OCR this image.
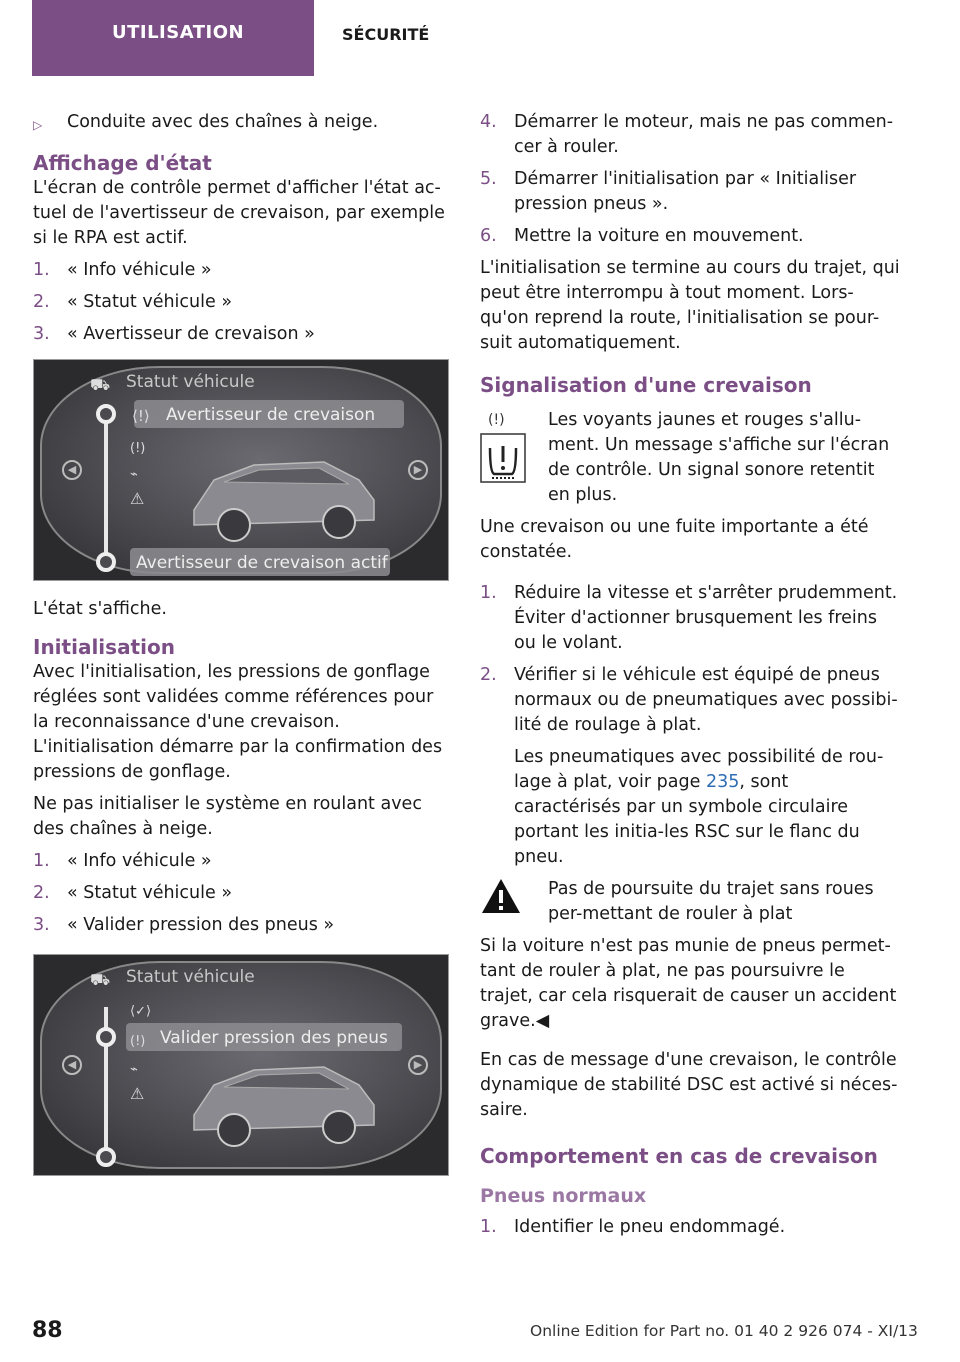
UTILISATION	SÉCURITÉ
▷	Conduite avec des chaînes à neige.
Affichage d'état

L'écran de contrôle permet d'afficher l'état ac-tuel de l'avertisseur de crevaison, par exemple si le RPA est actif.

1. « Info véhicule »
2. « Statut véhicule »
3. « Avertisseur de crevaison »
⛟ Statut véhicule
⟨!⟩ Avertisseur de crevaison
(!)
⌁
⚠
◀	▶
Avertisseur de crevaison actif

L'état s'affiche.

Initialisation

Avec l'initialisation, les pressions de gonflage réglées sont validées comme références pour la reconnaissance d'une crevaison. L'initialisation démarre par la confirmation des pressions de gonflage.

Ne pas initialiser le système en roulant avec des chaînes à neige.

1. « Info véhicule »
2. « Statut véhicule »
3. « Valider pression des pneus »
⛟ Statut véhicule
⟨✓⟩
(!) Valider pression des pneus
⌁
⚠
◀	▶
4. Démarrer le moteur, mais ne pas commen-cer à rouler.
5. Démarrer l'initialisation par « Initialiser pression pneus ».
6. Mettre la voiture en mouvement.

L'initialisation se termine au cours du trajet, qui peut être interrompu à tout moment. Lors-qu'on reprend la route, l'initialisation se pour-suit automatiquement.

Signalisation d'une crevaison
(!) Les voyants jaunes et rouges s'allu-ment. Un message s'affiche sur l'écran de contrôle. Un signal sonore retentit en plus.

Une crevaison ou une fuite importante a été constatée.

1. Réduire la vitesse et s'arrêter prudemment. Éviter d'actionner brusquement les freins ou le volant.
2. Vérifier si le véhicule est équipé de pneus normaux ou de pneumatiques avec possibi-lité de roulage à plat.

Les pneumatiques avec possibilité de rou-lage à plat, voir page 235, sont caractérisés par un symbole circulaire portant les initia-les RSC sur le flanc du pneu.

Pas de poursuite du trajet sans roues per-mettant de rouler à plat

Si la voiture n'est pas munie de pneus permet-tant de rouler à plat, ne pas poursuivre le trajet, car cela risquerait de causer un accident grave.◀

En cas de message d'une crevaison, le contrôle dynamique de stabilité DSC est activé si néces-saire.

Comportement en cas de crevaison
Pneus normaux
1. Identifier le pneu endommagé.
88	Online Edition for Part no. 01 40 2 926 074 - XI/13
